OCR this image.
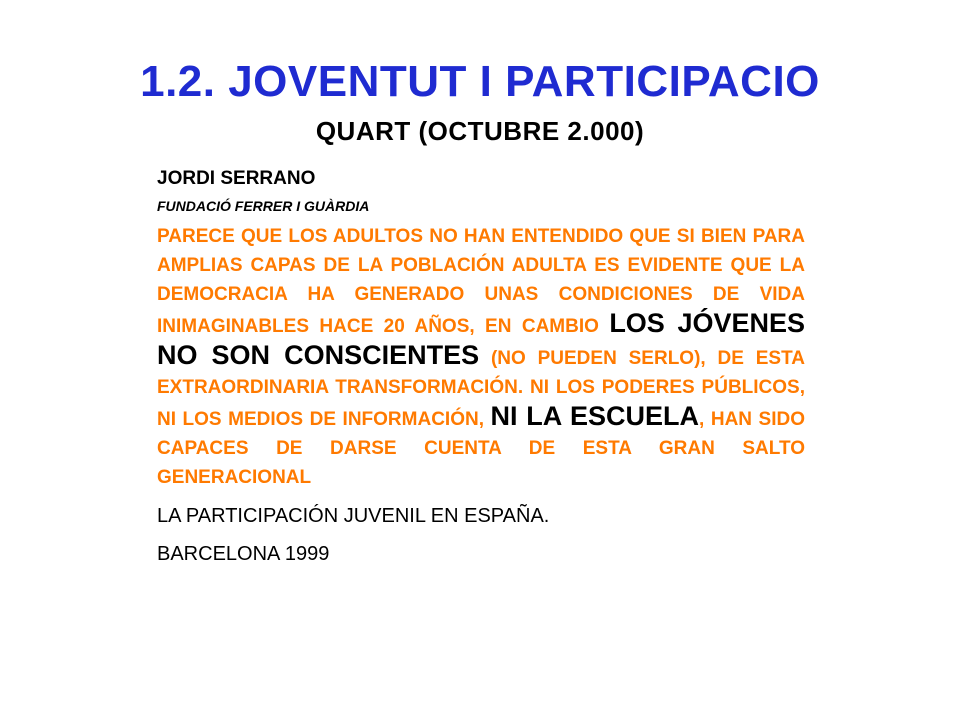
1.2. JOVENTUT I PARTICIPACIO
QUART (OCTUBRE 2.000)

JORDI SERRANO

FUNDACIÓ FERRER I GUÀRDIA

PARECE QUE LOS ADULTOS NO HAN ENTENDIDO QUE SI BIEN PARA AMPLIAS CAPAS DE LA POBLACIÓN ADULTA ES EVIDENTE QUE LA DEMOCRACIA HA GENERADO UNAS CONDICIONES DE VIDA INIMAGINABLES HACE 20 AÑOS, EN CAMBIO LOS JÓVENES NO SON CONSCIENTES (NO PUEDEN SERLO), DE ESTA EXTRAORDINARIA TRANSFORMACIÓN. NI LOS PODERES PÚBLICOS, NI LOS MEDIOS DE INFORMACIÓN, NI LA ESCUELA, HAN SIDO CAPACES DE DARSE CUENTA DE ESTA GRAN SALTO GENERACIONAL

LA PARTICIPACIÓN JUVENIL EN ESPAÑA.

BARCELONA 1999
